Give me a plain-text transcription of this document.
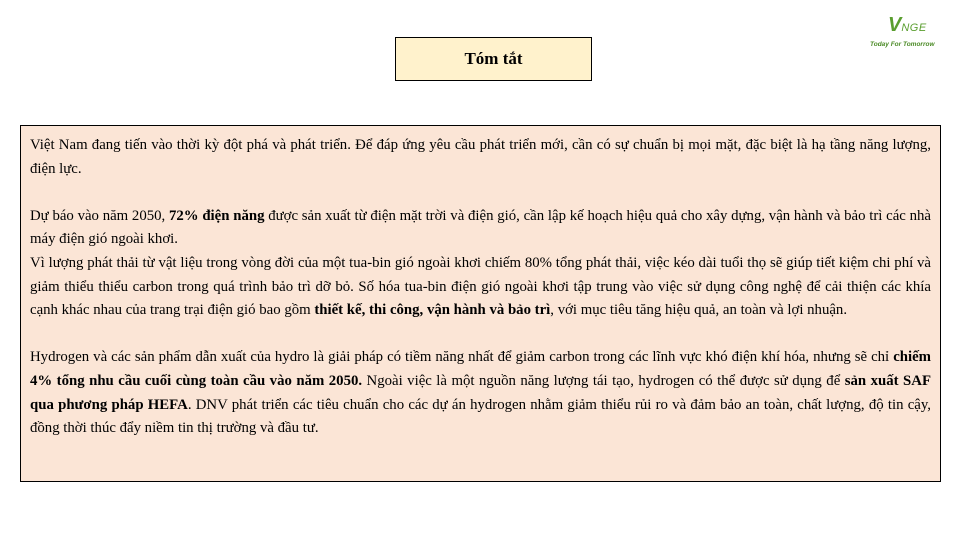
Tóm tắt
VNGE
Today For Tomorrow

Việt Nam đang tiến vào thời kỳ đột phá và phát triển. Để đáp ứng yêu cầu phát triển mới, cần có sự chuẩn bị mọi mặt, đặc biệt là hạ tầng năng lượng, điện lực.

Dự báo vào năm 2050, 72% điện năng được sản xuất từ điện mặt trời và điện gió, cần lập kế hoạch hiệu quả cho xây dựng, vận hành và bảo trì các nhà máy điện gió ngoài khơi.

Vì lượng phát thải từ vật liệu trong vòng đời của một tua-bin gió ngoài khơi chiếm 80% tổng phát thải, việc kéo dài tuổi thọ sẽ giúp tiết kiệm chi phí và giảm thiểu thiểu carbon trong quá trình bảo trì dỡ bỏ. Số hóa tua-bin điện gió ngoài khơi tập trung vào việc sử dụng công nghệ để cải thiện các khía cạnh khác nhau của trang trại điện gió bao gồm thiết kế, thi công, vận hành và bảo trì, với mục tiêu tăng hiệu quả, an toàn và lợi nhuận.

Hydrogen và các sản phẩm dẫn xuất của hydro là giải pháp có tiềm năng nhất để giảm carbon trong các lĩnh vực khó điện khí hóa, nhưng sẽ chỉ chiếm 4% tổng nhu cầu cuối cùng toàn cầu vào năm 2050. Ngoài việc là một nguồn năng lượng tái tạo, hydrogen có thể được sử dụng để sản xuất SAF qua phương pháp HEFA. DNV phát triển các tiêu chuẩn cho các dự án hydrogen nhằm giảm thiểu rủi ro và đảm bảo an toàn, chất lượng, độ tin cậy, đồng thời thúc đẩy niềm tin thị trường và đầu tư.
